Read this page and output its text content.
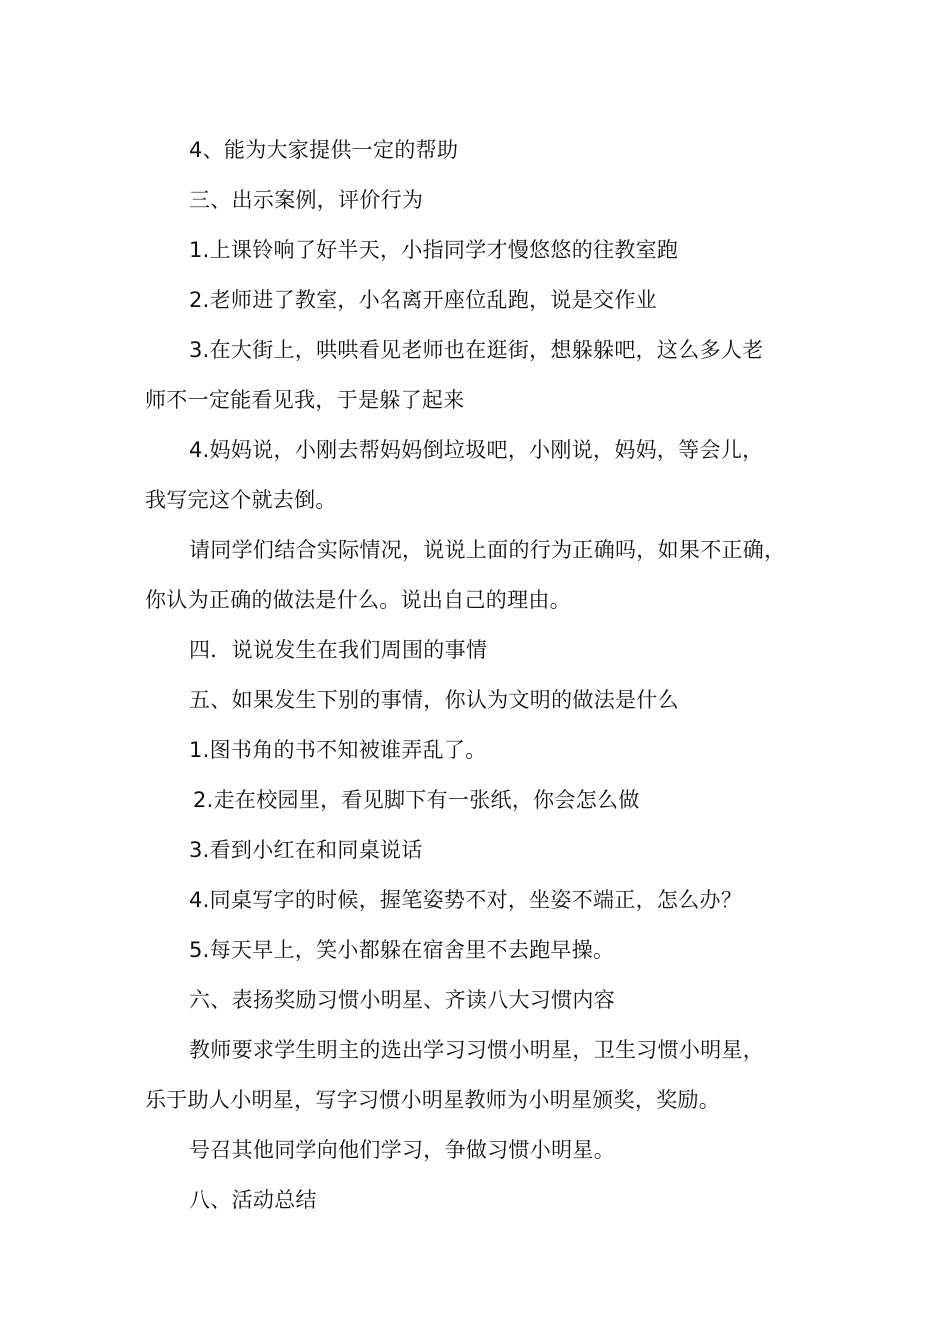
4、能为大家提供一定的帮助
三、出示案例，评价行为
1.上课铃响了好半天，小指同学才慢悠悠的往教室跑
2.老师进了教室，小名离开座位乱跑，说是交作业
3.在大街上，哄哄看见老师也在逛街，想躲躲吧，这么多人老
师不一定能看见我，于是躲了起来
4.妈妈说，小刚去帮妈妈倒垃圾吧，小刚说，妈妈，等会儿，
我写完这个就去倒。
请同学们结合实际情况，说说上面的行为正确吗，如果不正确，
你认为正确的做法是什么。说出自己的理由。
四．说说发生在我们周围的事情
五、如果发生下别的事情，你认为文明的做法是什么
1.图书角的书不知被谁弄乱了。
2.走在校园里，看见脚下有一张纸，你会怎么做
3.看到小红在和同桌说话
4.同桌写字的时候，握笔姿势不对，坐姿不端正，怎么办？
5.每天早上，笑小都躲在宿舍里不去跑早操。
六、表扬奖励习惯小明星、齐读八大习惯内容
教师要求学生明主的选出学习习惯小明星，卫生习惯小明星，
乐于助人小明星，写字习惯小明星教师为小明星颁奖，奖励。
号召其他同学向他们学习，争做习惯小明星。
八、活动总结
